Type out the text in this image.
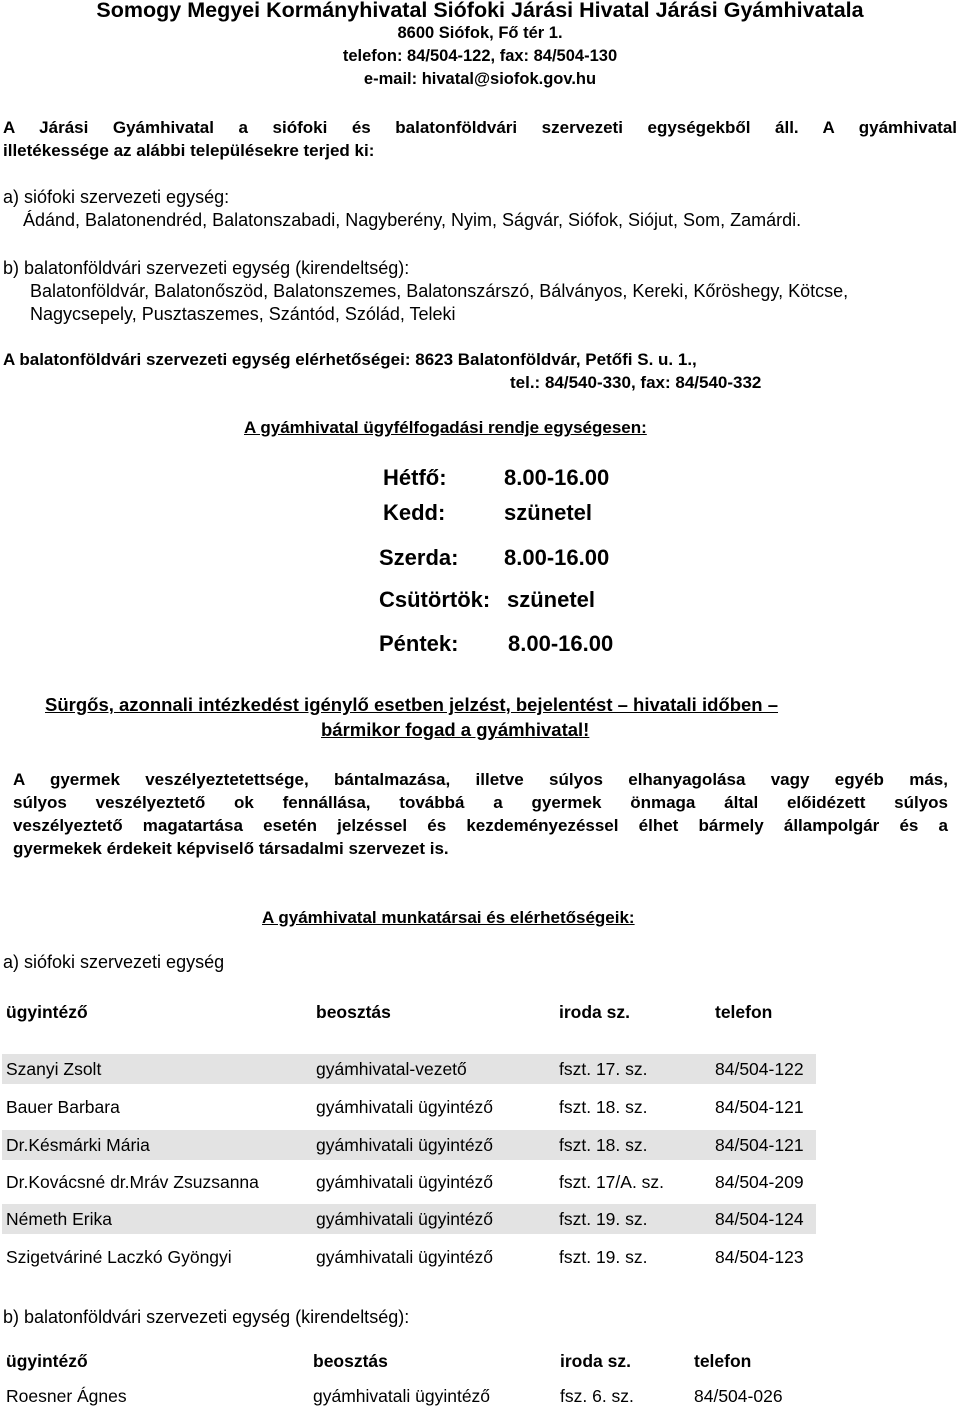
Somogy Megyei Kormányhivatal Siófoki Járási Hivatal Járási Gyámhivatala
8600 Siófok, Fő tér 1.
telefon: 84/504-122, fax: 84/504-130
e-mail: hivatal@siofok.gov.hu
A Járási Gyámhivatal a siófoki és balatonföldvári szervezeti egységekből áll. A gyámhivatal
illetékessége az alábbi településekre terjed ki:
a) siófoki szervezeti egység:
Ádánd, Balatonendréd, Balatonszabadi, Nagyberény, Nyim, Ságvár, Siófok, Siójut, Som, Zamárdi.
b) balatonföldvári szervezeti egység (kirendeltség):
Balatonföldvár, Balatonőszöd, Balatonszemes, Balatonszárszó, Bálványos, Kereki, Kőröshegy, Kötcse,
Nagycsepely, Pusztaszemes, Szántód, Szólád, Teleki
A balatonföldvári szervezeti egység elérhetőségei: 8623 Balatonföldvár, Petőfi S. u. 1.,
tel.: 84/540-330, fax: 84/540-332
A gyámhivatal ügyfélfogadási rendje egységesen:
Hétfő:	8.00-16.00
Kedd:	szünetel
Szerda: 8.00-16.00
Csütörtök: szünetel
Péntek: 8.00-16.00
Sürgős, azonnali intézkedést igénylő esetben jelzést, bejelentést – hivatali időben –
bármikor fogad a gyámhivatal!
A gyermek veszélyeztetettsége, bántalmazása, illetve súlyos elhanyagolása vagy egyéb más,
súlyos veszélyeztető ok fennállása, továbbá a gyermek önmaga által előidézett súlyos
veszélyeztető magatartása esetén jelzéssel és kezdeményezéssel élhet bármely állampolgár és a
gyermekek érdekeit képviselő társadalmi szervezet is.
A gyámhivatal munkatársai és elérhetőségeik:
a) siófoki szervezeti egység
ügyintéző	beosztás	iroda sz.	telefon
Szanyi Zsolt	gyámhivatal-vezető	fszt. 17. sz.	84/504-122
Bauer Barbara	gyámhivatali ügyintéző	fszt. 18. sz.	84/504-121
Dr.Késmárki Mária	gyámhivatali ügyintéző	fszt. 18. sz.	84/504-121
Dr.Kovácsné dr.Mráv Zsuzsanna	gyámhivatali ügyintéző	fszt. 17/A. sz.	84/504-209
Németh Erika	gyámhivatali ügyintéző	fszt. 19. sz.	84/504-124
Szigetváriné Laczkó Gyöngyi	gyámhivatali ügyintéző	fszt. 19. sz.	84/504-123
b) balatonföldvári szervezeti egység (kirendeltség):
ügyintéző	beosztás	iroda sz.	telefon
Roesner Ágnes	gyámhivatali ügyintéző	fsz. 6. sz.	84/504-026
